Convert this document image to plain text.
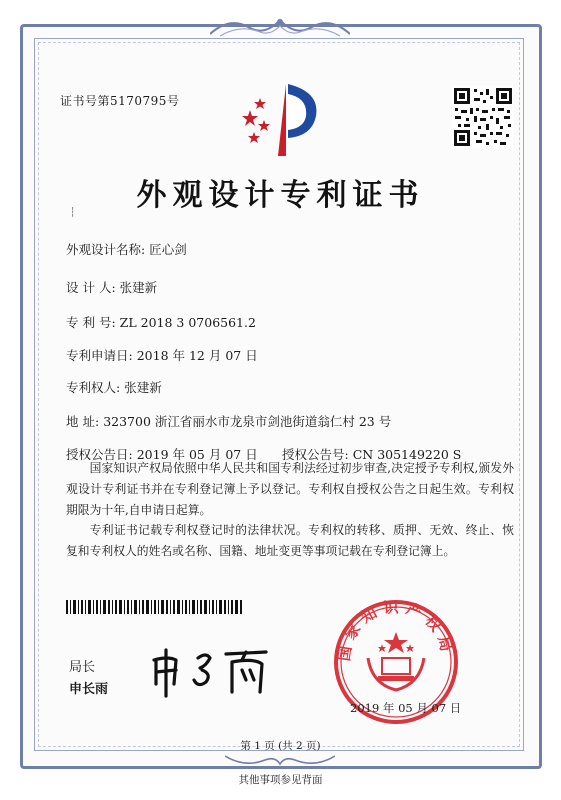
证书号第5170795号
外观设计专利证书
┆
外观设计名称: 匠心剑
设 计 人: 张建新
专 利 号: ZL 2018 3 0706561.2
专利申请日: 2018 年 12 月 07 日
专利权人: 张建新
地 址: 323700 浙江省丽水市龙泉市剑池街道翁仁村 23 号
授权公告日: 2019 年 05 月 07 日 授权公告号: CN 305149220 S
国家知识产权局依照中华人民共和国专利法经过初步审查,决定授予专利权,颁发外观设计专利证书并在专利登记簿上予以登记。专利权自授权公告之日起生效。专利权期限为十年,自申请日起算。
专利证书记载专利权登记时的法律状况。专利权的转移、质押、无效、终止、恢复和专利权人的姓名或名称、国籍、地址变更等事项记载在专利登记簿上。
局长
申长雨
国家知识产权局
2019 年 05 月 07 日
第 1 页 (共 2 页)
其他事项参见背面
